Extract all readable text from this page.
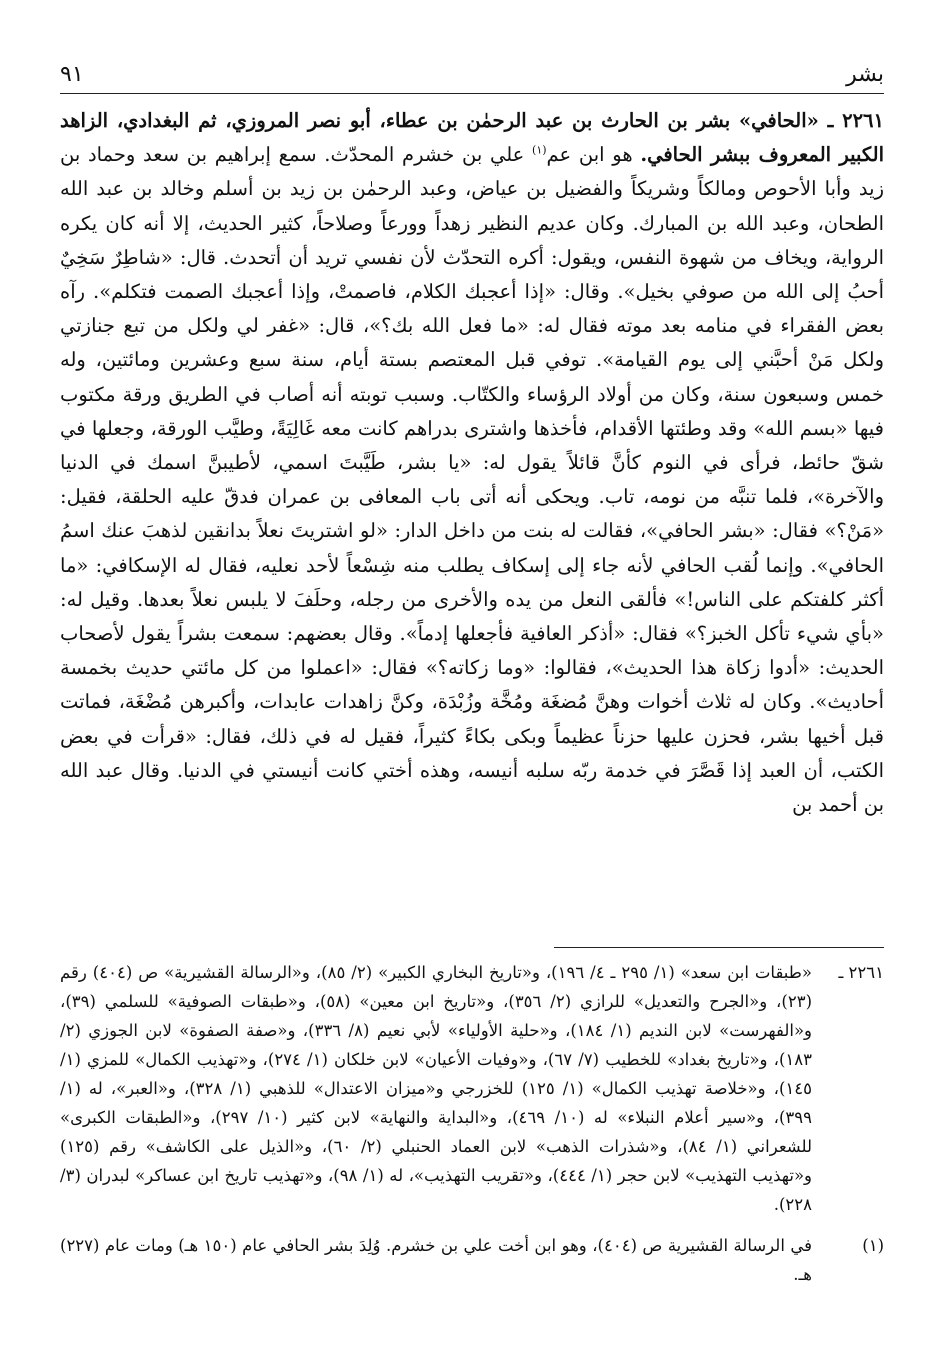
٩١	بشر

٢٢٦١ ـ «الحافي» بشر بن الحارث بن عبد الرحمٰن بن عطاء، أبو نصر المروزي، ثم البغدادي، الزاهد الكبير المعروف ببشر الحافي. هو ابن عم$^{(١)}$ علي بن خشرم المحدّث. سمع إبراهيم بن سعد وحماد بن زيد وأبا الأحوص ومالكاً وشريكاً والفضيل بن عياض، وعبد الرحمٰن بن زيد بن أسلم وخالد بن عبد الله الطحان، وعبد الله بن المبارك. وكان عديم النظير زهداً وورعاً وصلاحاً، كثير الحديث، إلا أنه كان يكره الرواية، ويخاف من شهوة النفس، ويقول: أكره التحدّث لأن نفسي تريد أن أتحدث. قال: «شاطِرٌ سَخِيٌ أحبُ إلى الله من صوفي بخيل». وقال: «إذا أعجبك الكلام، فاصمتْ، وإذا أعجبك الصمت فتكلم». رآه بعض الفقراء في منامه بعد موته فقال له: «ما فعل الله بك؟»، قال: «غفر لي ولكل من تبع جنازتي ولكل مَنْ أحبَّني إلى يوم القيامة». توفي قبل المعتصم بستة أيام، سنة سبع وعشرين ومائتين، وله خمس وسبعون سنة، وكان من أولاد الرؤساء والكتّاب. وسبب توبته أنه أصاب في الطريق ورقة مكتوب فيها «بسم الله» وقد وطئتها الأقدام، فأخذها واشترى بدراهم كانت معه غَالِيَةً، وطيَّب الورقة، وجعلها في شقّ حائط، فرأى في النوم كأنَّ قائلاً يقول له: «يا بشر، طَيَّبتَ اسمي، لأطيبنَّ اسمك في الدنيا والآخرة»، فلما تنبَّه من نومه، تاب. ويحكى أنه أتى باب المعافى بن عمران فدقّ عليه الحلقة، فقيل: «مَنْ؟» فقال: «بشر الحافي»، فقالت له بنت من داخل الدار: «لو اشتريتَ نعلاً بدانقين لذهبَ عنك اسمُ الحافي». وإنما لُقب الحافي لأنه جاء إلى إسكاف يطلب منه شِسْعاً لأحد نعليه، فقال له الإسكافي: «ما أكثر كلفتكم على الناس!» فألقى النعل من يده والأخرى من رجله، وحلَفَ لا يلبس نعلاً بعدها. وقيل له: «بأي شيء تأكل الخبز؟» فقال: «أذكر العافية فأجعلها إدماً». وقال بعضهم: سمعت بشراً يقول لأصحاب الحديث: «أدوا زكاة هذا الحديث»، فقالوا: «وما زكاته؟» فقال: «اعملوا من كل مائتي حديث بخمسة أحاديث». وكان له ثلاث أخوات وهنَّ مُضغَة ومُخَّة وزُبْدَة، وكنَّ زاهدات عابدات، وأكبرهن مُضْغَة، فماتت قبل أخيها بشر، فحزن عليها حزناً عظيماً وبكى بكاءً كثيراً، فقيل له في ذلك، فقال: «قرأت في بعض الكتب، أن العبد إذا قَصَّرَ في خدمة ربّه سلبه أنيسه، وهذه أختي كانت أنيستي في الدنيا. وقال عبد الله بن أحمد بن

٢٢٦١ ـ
«طبقات ابن سعد» (١/ ٢٩٥ ـ ٤/ ١٩٦)، و«تاريخ البخاري الكبير» (٢/ ٨٥)، و«الرسالة القشيرية» ص (٤٠٤) رقم (٢٣)، و«الجرح والتعديل» للرازي (٢/ ٣٥٦)، و«تاريخ ابن معين» (٥٨)، و«طبقات الصوفية» للسلمي (٣٩)، و«الفهرست» لابن النديم (١/ ١٨٤)، و«حلية الأولياء» لأبي نعيم (٨/ ٣٣٦)، و«صفة الصفوة» لابن الجوزي (٢/ ١٨٣)، و«تاريخ بغداد» للخطيب (٧/ ٦٧)، و«وفيات الأعيان» لابن خلكان (١/ ٢٧٤)، و«تهذيب الكمال» للمزي (١/ ١٤٥)، و«خلاصة تهذيب الكمال» (١/ ١٢٥) للخزرجي و«ميزان الاعتدال» للذهبي (١/ ٣٢٨)، و«العبر»، له (١/ ٣٩٩)، و«سير أعلام النبلاء» له (١٠/ ٤٦٩)، و«البداية والنهاية» لابن كثير (١٠/ ٢٩٧)، و«الطبقات الكبرى» للشعراني (١/ ٨٤)، و«شذرات الذهب» لابن العماد الحنبلي (٢/ ٦٠)، و«الذيل على الكاشف» رقم (١٢٥) و«تهذيب التهذيب» لابن حجر (١/ ٤٤٤)، و«تقريب التهذيب»، له (١/ ٩٨)، و«تهذيب تاريخ ابن عساكر» لبدران (٣/ ٢٢٨).
(١)
في الرسالة القشيرية ص (٤٠٤)، وهو ابن أخت علي بن خشرم. وُلِدَ بشر الحافي عام (١٥٠ هـ) ومات عام (٢٢٧) هـ.
